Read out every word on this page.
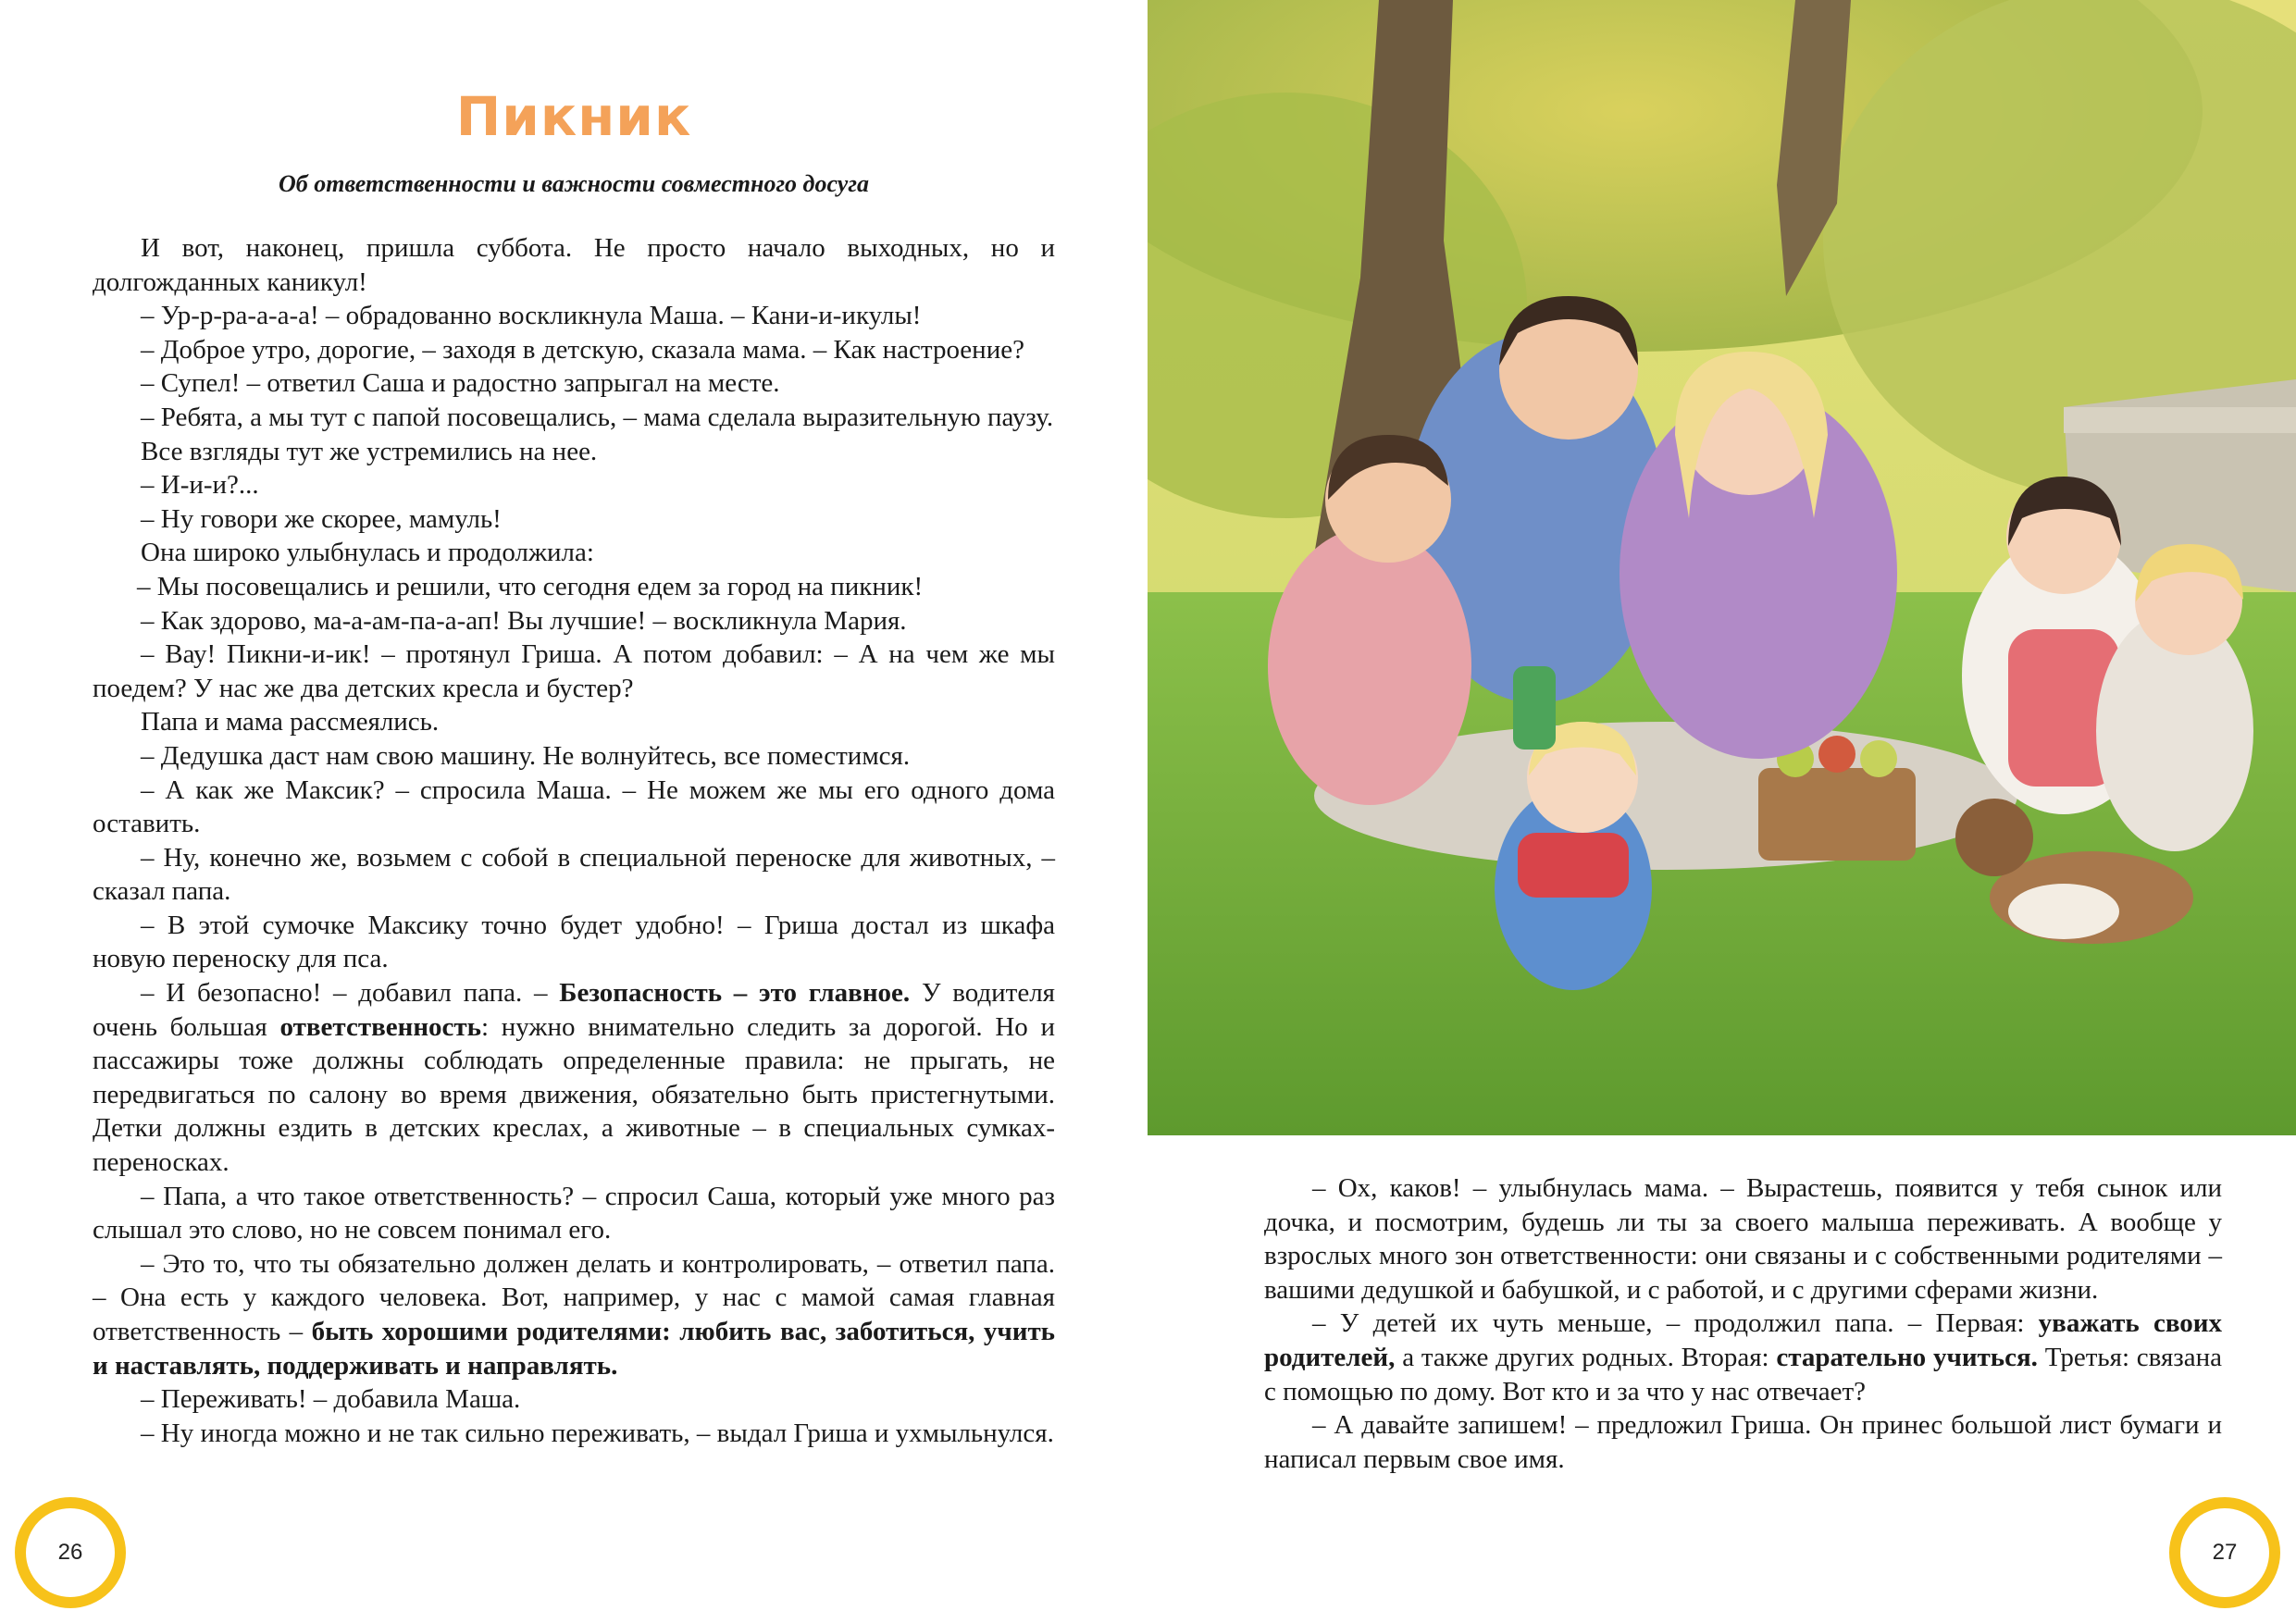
Пикник
Об ответственности и важности совместного досуга

И вот, наконец, пришла суббота. Не просто начало выходных, но и долгожданных каникул!

– Ур-р-ра-а-а-а! – обрадованно воскликнула Маша. – Кани-и-икулы!

– Доброе утро, дорогие, – заходя в детскую, сказала мама. – Как настроение?

– Супел! – ответил Саша и радостно запрыгал на месте.

– Ребята, а мы тут с папой посовещались, – мама сделала выразительную паузу.

Все взгляды тут же устремились на нее.

– И-и-и?...

– Ну говори же скорее, мамуль!

Она широко улыбнулась и продолжила:

– Мы посовещались и решили, что сегодня едем за город на пикник!

– Как здорово, ма-а-ам-па-а-ап! Вы лучшие! – воскликнула Мария.

– Вау! Пикни-и-ик! – протянул Гриша. А потом добавил: – А на чем же мы поедем? У нас же два детских кресла и бустер?

Папа и мама рассмеялись.

– Дедушка даст нам свою машину. Не волнуйтесь, все поместимся.

– А как же Максик? – спросила Маша. – Не можем же мы его одного дома оставить.

– Ну, конечно же, возьмем с собой в специальной переноске для животных, – сказал папа.

– В этой сумочке Максику точно будет удобно! – Гриша достал из шкафа новую переноску для пса.

– И безопасно! – добавил папа. – Безопасность – это главное. У водителя очень большая ответственность: нужно внимательно следить за дорогой. Но и пассажиры тоже должны соблюдать определенные правила: не прыгать, не передвигаться по салону во время движения, обязательно быть пристегнутыми. Детки должны ездить в детских креслах, а животные – в специальных сумках-переносках.

– Папа, а что такое ответственность? – спросил Саша, который уже много раз слышал это слово, но не совсем понимал его.

– Это то, что ты обязательно должен делать и контролировать, – ответил папа. – Она есть у каждого человека. Вот, например, у нас с мамой самая главная ответственность – быть хорошими родителями: любить вас, заботиться, учить и наставлять, поддерживать и направлять.

– Переживать! – добавила Маша.

– Ну иногда можно и не так сильно переживать, – выдал Гриша и ухмыльнулся.

26

– Ох, каков! – улыбнулась мама. – Вырастешь, появится у тебя сынок или дочка, и посмотрим, будешь ли ты за своего малыша переживать. А вообще у взрослых много зон ответственности: они связаны и с собственными родителями – вашими дедушкой и бабушкой, и с работой, и с другими сферами жизни.

– У детей их чуть меньше, – продолжил папа. – Первая: уважать своих родителей, а также других родных. Вторая: старательно учиться. Третья: связана с помощью по дому. Вот кто и за что у нас отвечает?

– А давайте запишем! – предложил Гриша. Он принес большой лист бумаги и написал первым свое имя.

27
